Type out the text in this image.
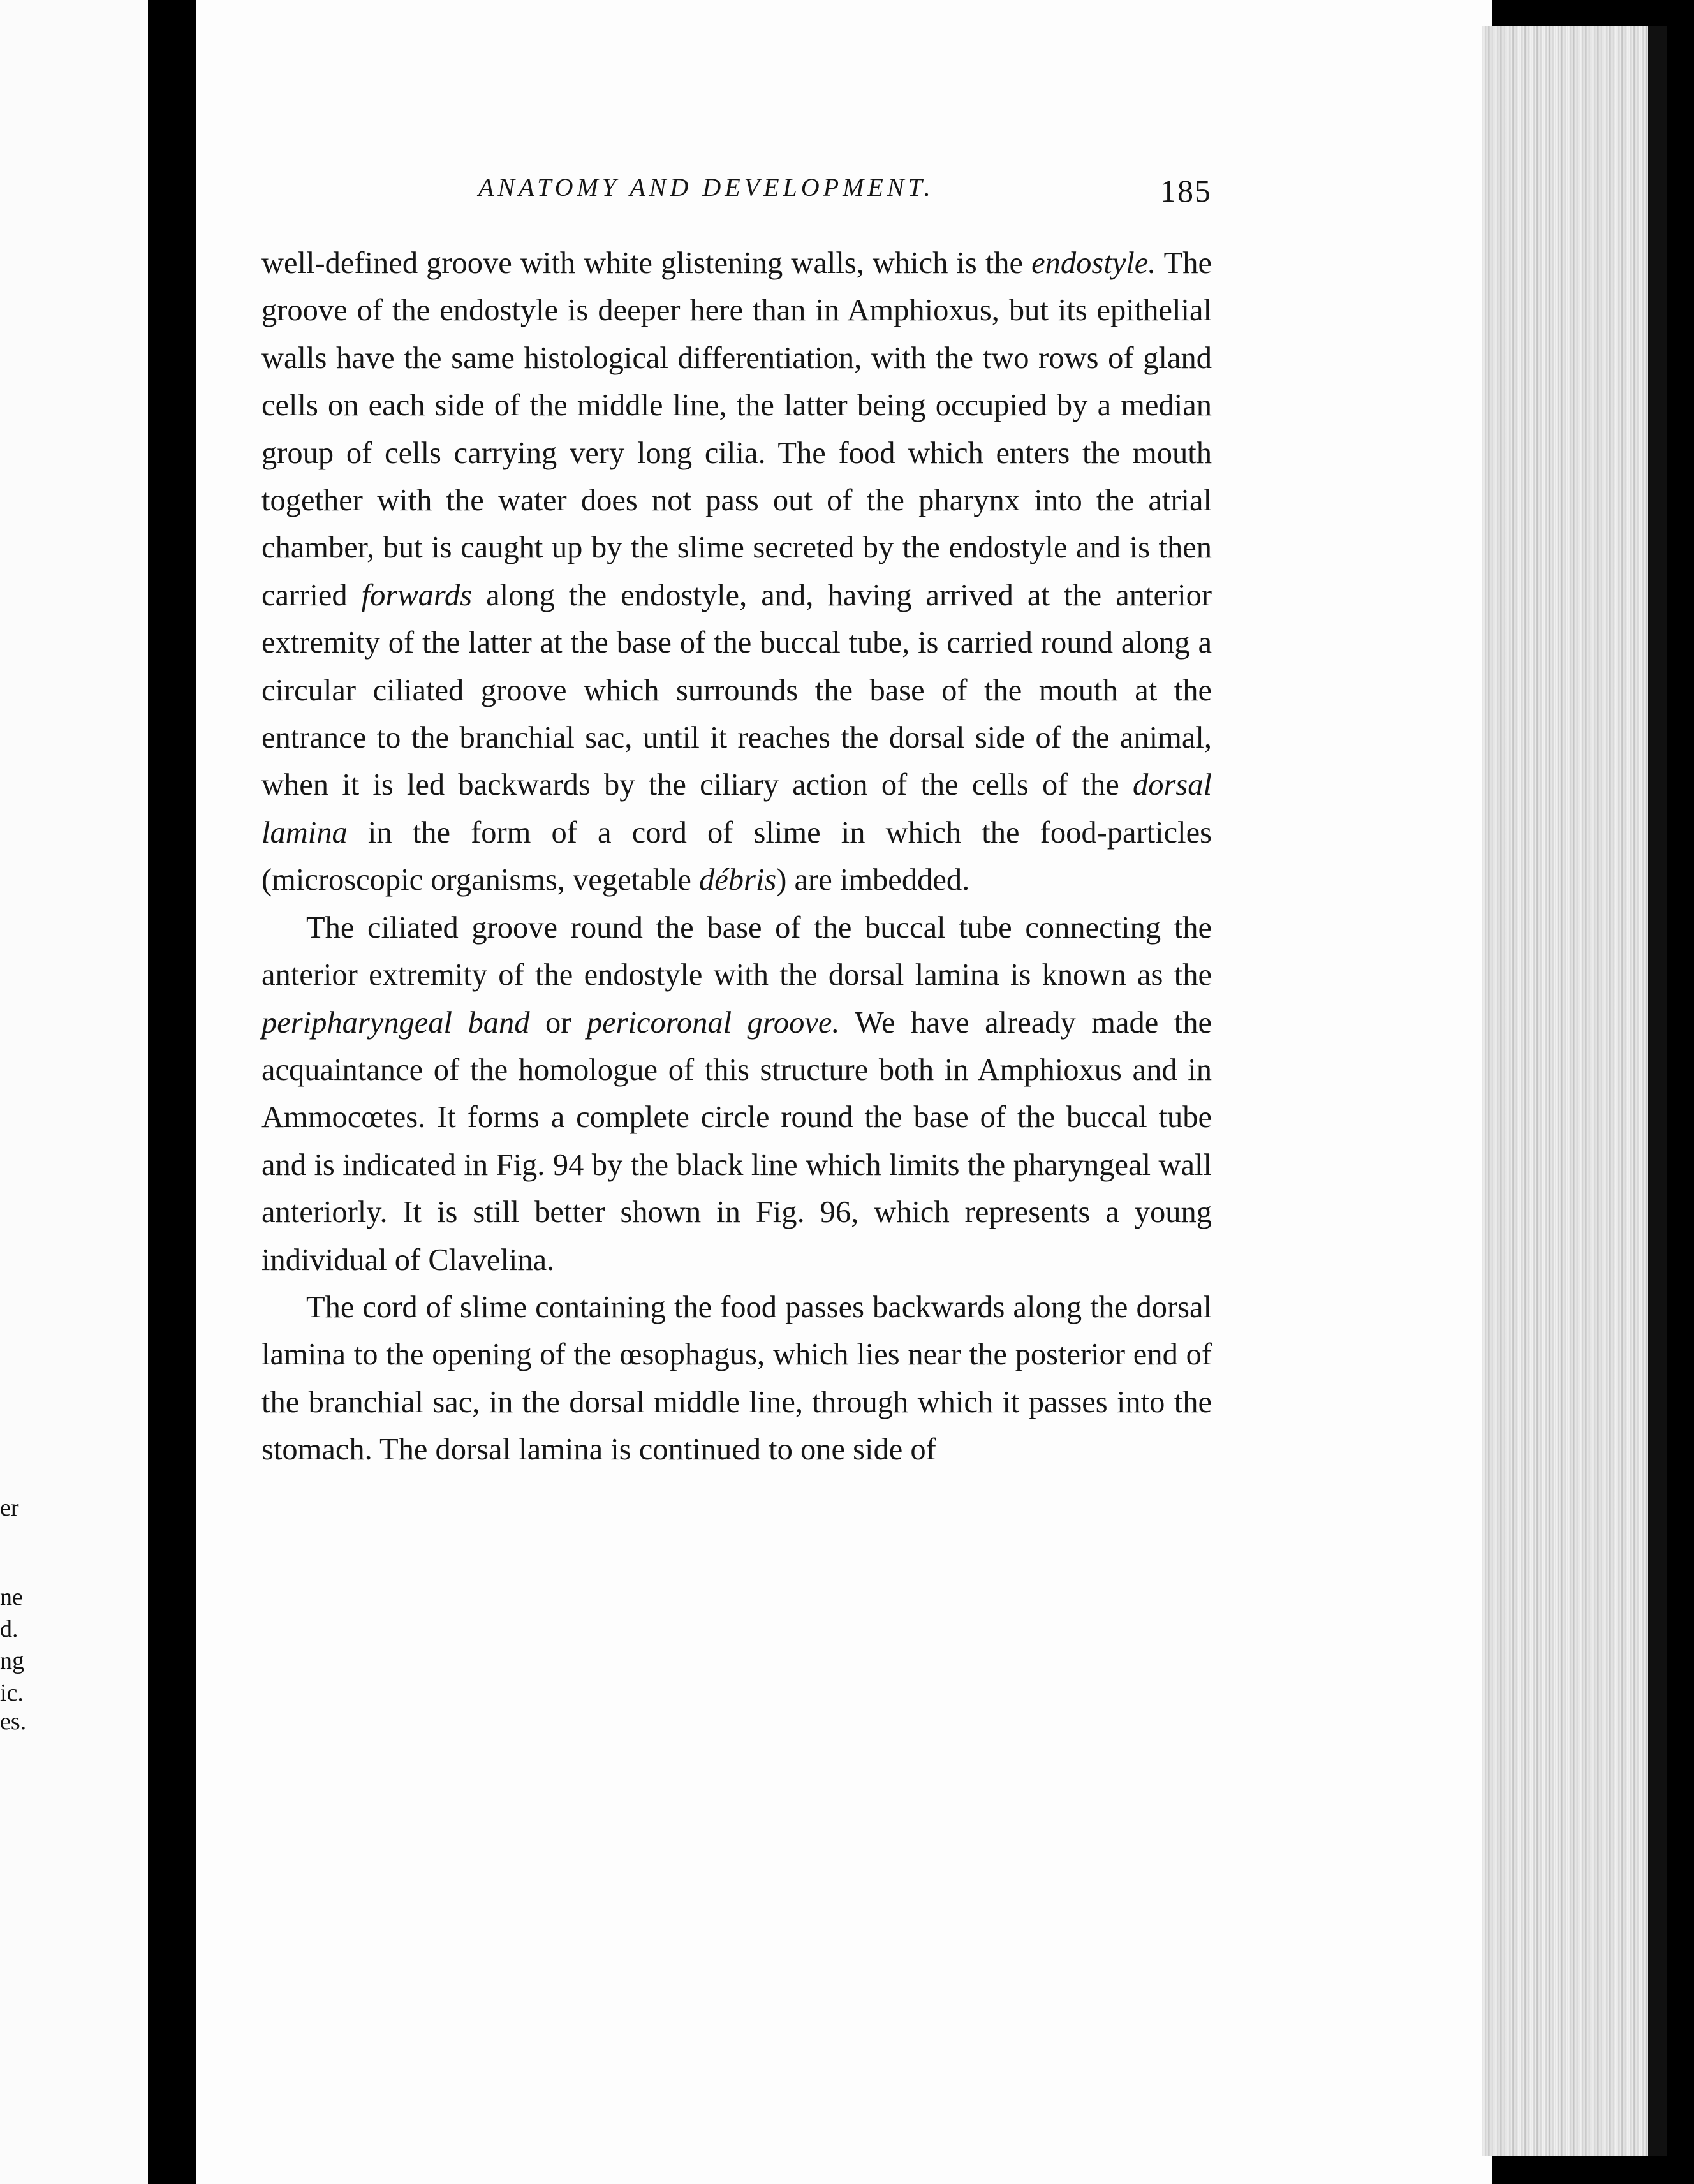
er
ne
d.
ng
ic.
es.
ANATOMY AND DEVELOPMENT.	185

well-defined groove with white glistening walls, which is the endostyle. The groove of the endostyle is deeper here than in Amphioxus, but its epithelial walls have the same histological differentiation, with the two rows of gland cells on each side of the middle line, the latter being occupied by a median group of cells carrying very long cilia. The food which enters the mouth together with the water does not pass out of the pharynx into the atrial chamber, but is caught up by the slime secreted by the endostyle and is then carried forwards along the endostyle, and, having arrived at the anterior extremity of the latter at the base of the buccal tube, is carried round along a circular ciliated groove which surrounds the base of the mouth at the entrance to the branchial sac, until it reaches the dorsal side of the animal, when it is led backwards by the ciliary action of the cells of the dorsal lamina in the form of a cord of slime in which the food-particles (microscopic organisms, vegetable débris) are imbedded.

The ciliated groove round the base of the buccal tube connecting the anterior extremity of the endostyle with the dorsal lamina is known as the peripharyngeal band or pericoronal groove. We have already made the acquaintance of the homologue of this structure both in Amphioxus and in Ammocœtes. It forms a complete circle round the base of the buccal tube and is indicated in Fig. 94 by the black line which limits the pharyngeal wall anteriorly. It is still better shown in Fig. 96, which represents a young individual of Clavelina.

The cord of slime containing the food passes backwards along the dorsal lamina to the opening of the œsophagus, which lies near the posterior end of the branchial sac, in the dorsal middle line, through which it passes into the stomach. The dorsal lamina is continued to one side of
